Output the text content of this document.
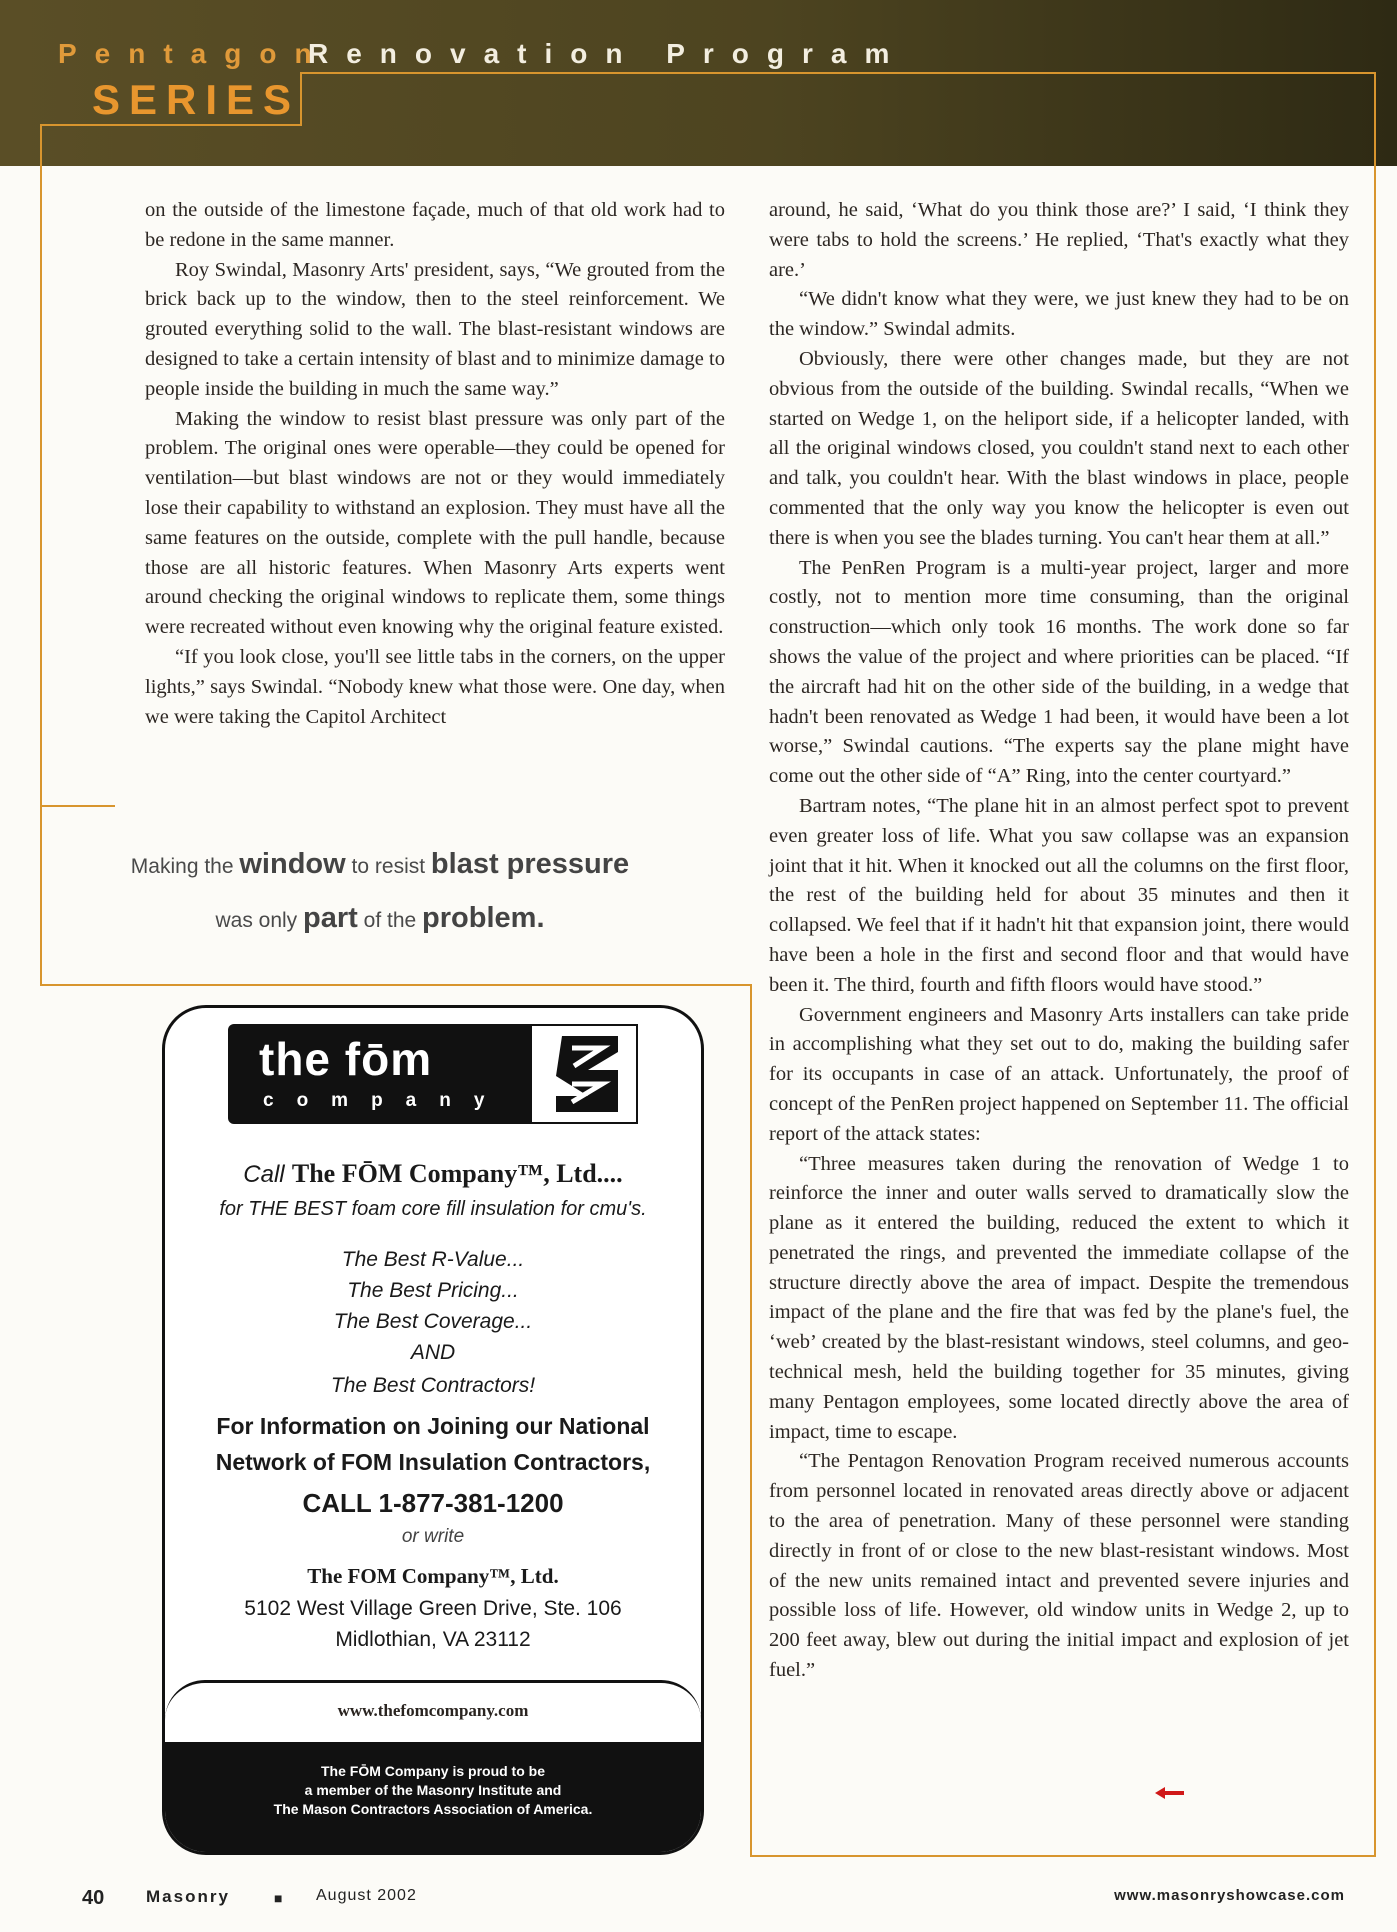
Pentagon
Renovation Program
SERIES

on the outside of the limestone façade, much of that old work had to be redone in the same manner.

Roy Swindal, Masonry Arts' president, says, “We grouted from the brick back up to the window, then to the steel reinforcement. We grouted everything solid to the wall. The blast-resistant windows are designed to take a certain intensity of blast and to minimize damage to people inside the building in much the same way.”

Making the window to resist blast pressure was only part of the problem. The original ones were operable—they could be opened for ventilation—but blast windows are not or they would immediately lose their capability to withstand an explosion. They must have all the same features on the outside, complete with the pull handle, because those are all historic features. When Masonry Arts experts went around checking the original windows to replicate them, some things were recreated without even knowing why the original feature existed.

“If you look close, you'll see little tabs in the corners, on the upper lights,” says Swindal. “Nobody knew what those were. One day, when we were taking the Capitol Architect

Making the window to resist blast pressure
was only part of the problem.

around, he said, ‘What do you think those are?’ I said, ‘I think they were tabs to hold the screens.’ He replied, ‘That's exactly what they are.’

“We didn't know what they were, we just knew they had to be on the window.” Swindal admits.

Obviously, there were other changes made, but they are not obvious from the outside of the building. Swindal recalls, “When we started on Wedge 1, on the heliport side, if a helicopter landed, with all the original windows closed, you couldn't stand next to each other and talk, you couldn't hear. With the blast windows in place, people commented that the only way you know the helicopter is even out there is when you see the blades turning. You can't hear them at all.”

The PenRen Program is a multi-year project, larger and more costly, not to mention more time consuming, than the original construction—which only took 16 months. The work done so far shows the value of the project and where priorities can be placed. “If the aircraft had hit on the other side of the building, in a wedge that hadn't been renovated as Wedge 1 had been, it would have been a lot worse,” Swindal cautions. “The experts say the plane might have come out the other side of “A” Ring, into the center courtyard.”

Bartram notes, “The plane hit in an almost perfect spot to prevent even greater loss of life. What you saw collapse was an expansion joint that it hit. When it knocked out all the columns on the first floor, the rest of the building held for about 35 minutes and then it collapsed. We feel that if it hadn't hit that expansion joint, there would have been a hole in the first and second floor and that would have been it. The third, fourth and fifth floors would have stood.”

Government engineers and Masonry Arts installers can take pride in accomplishing what they set out to do, making the building safer for its occupants in case of an attack. Unfortunately, the proof of concept of the PenRen project happened on September 11. The official report of the attack states:

“Three measures taken during the renovation of Wedge 1 to reinforce the inner and outer walls served to dramatically slow the plane as it entered the building, reduced the extent to which it penetrated the rings, and prevented the immediate collapse of the structure directly above the area of impact. Despite the tremendous impact of the plane and the fire that was fed by the plane's fuel, the ‘web’ created by the blast-resistant windows, steel columns, and geo-technical mesh, held the building together for 35 minutes, giving many Pentagon employees, some located directly above the area of impact, time to escape.

“The Pentagon Renovation Program received numerous accounts from personnel located in renovated areas directly above or adjacent to the area of penetration. Many of these personnel were standing directly in front of or close to the new blast-resistant windows. Most of the new units remained intact and prevented severe injuries and possible loss of life. However, old window units in Wedge 2, up to 200 feet away, blew out during the initial impact and explosion of jet fuel.”

the fōm
company
Call The FŌM Company™, Ltd....
for THE BEST foam core fill insulation for cmu's.
The Best R-Value...
The Best Pricing...
The Best Coverage...
AND
The Best Contractors!
For Information on Joining our National
Network of FOM Insulation Contractors,
CALL 1-877-381-1200
or write
The FOM Company™, Ltd.
5102 West Village Green Drive, Ste. 106
Midlothian, VA 23112
www.thefomcompany.com
The FŌM Company is proud to be
a member of the Masonry Institute and
The Mason Contractors Association of America.
40 Masonry	■ August 2002	www.masonryshowcase.com
